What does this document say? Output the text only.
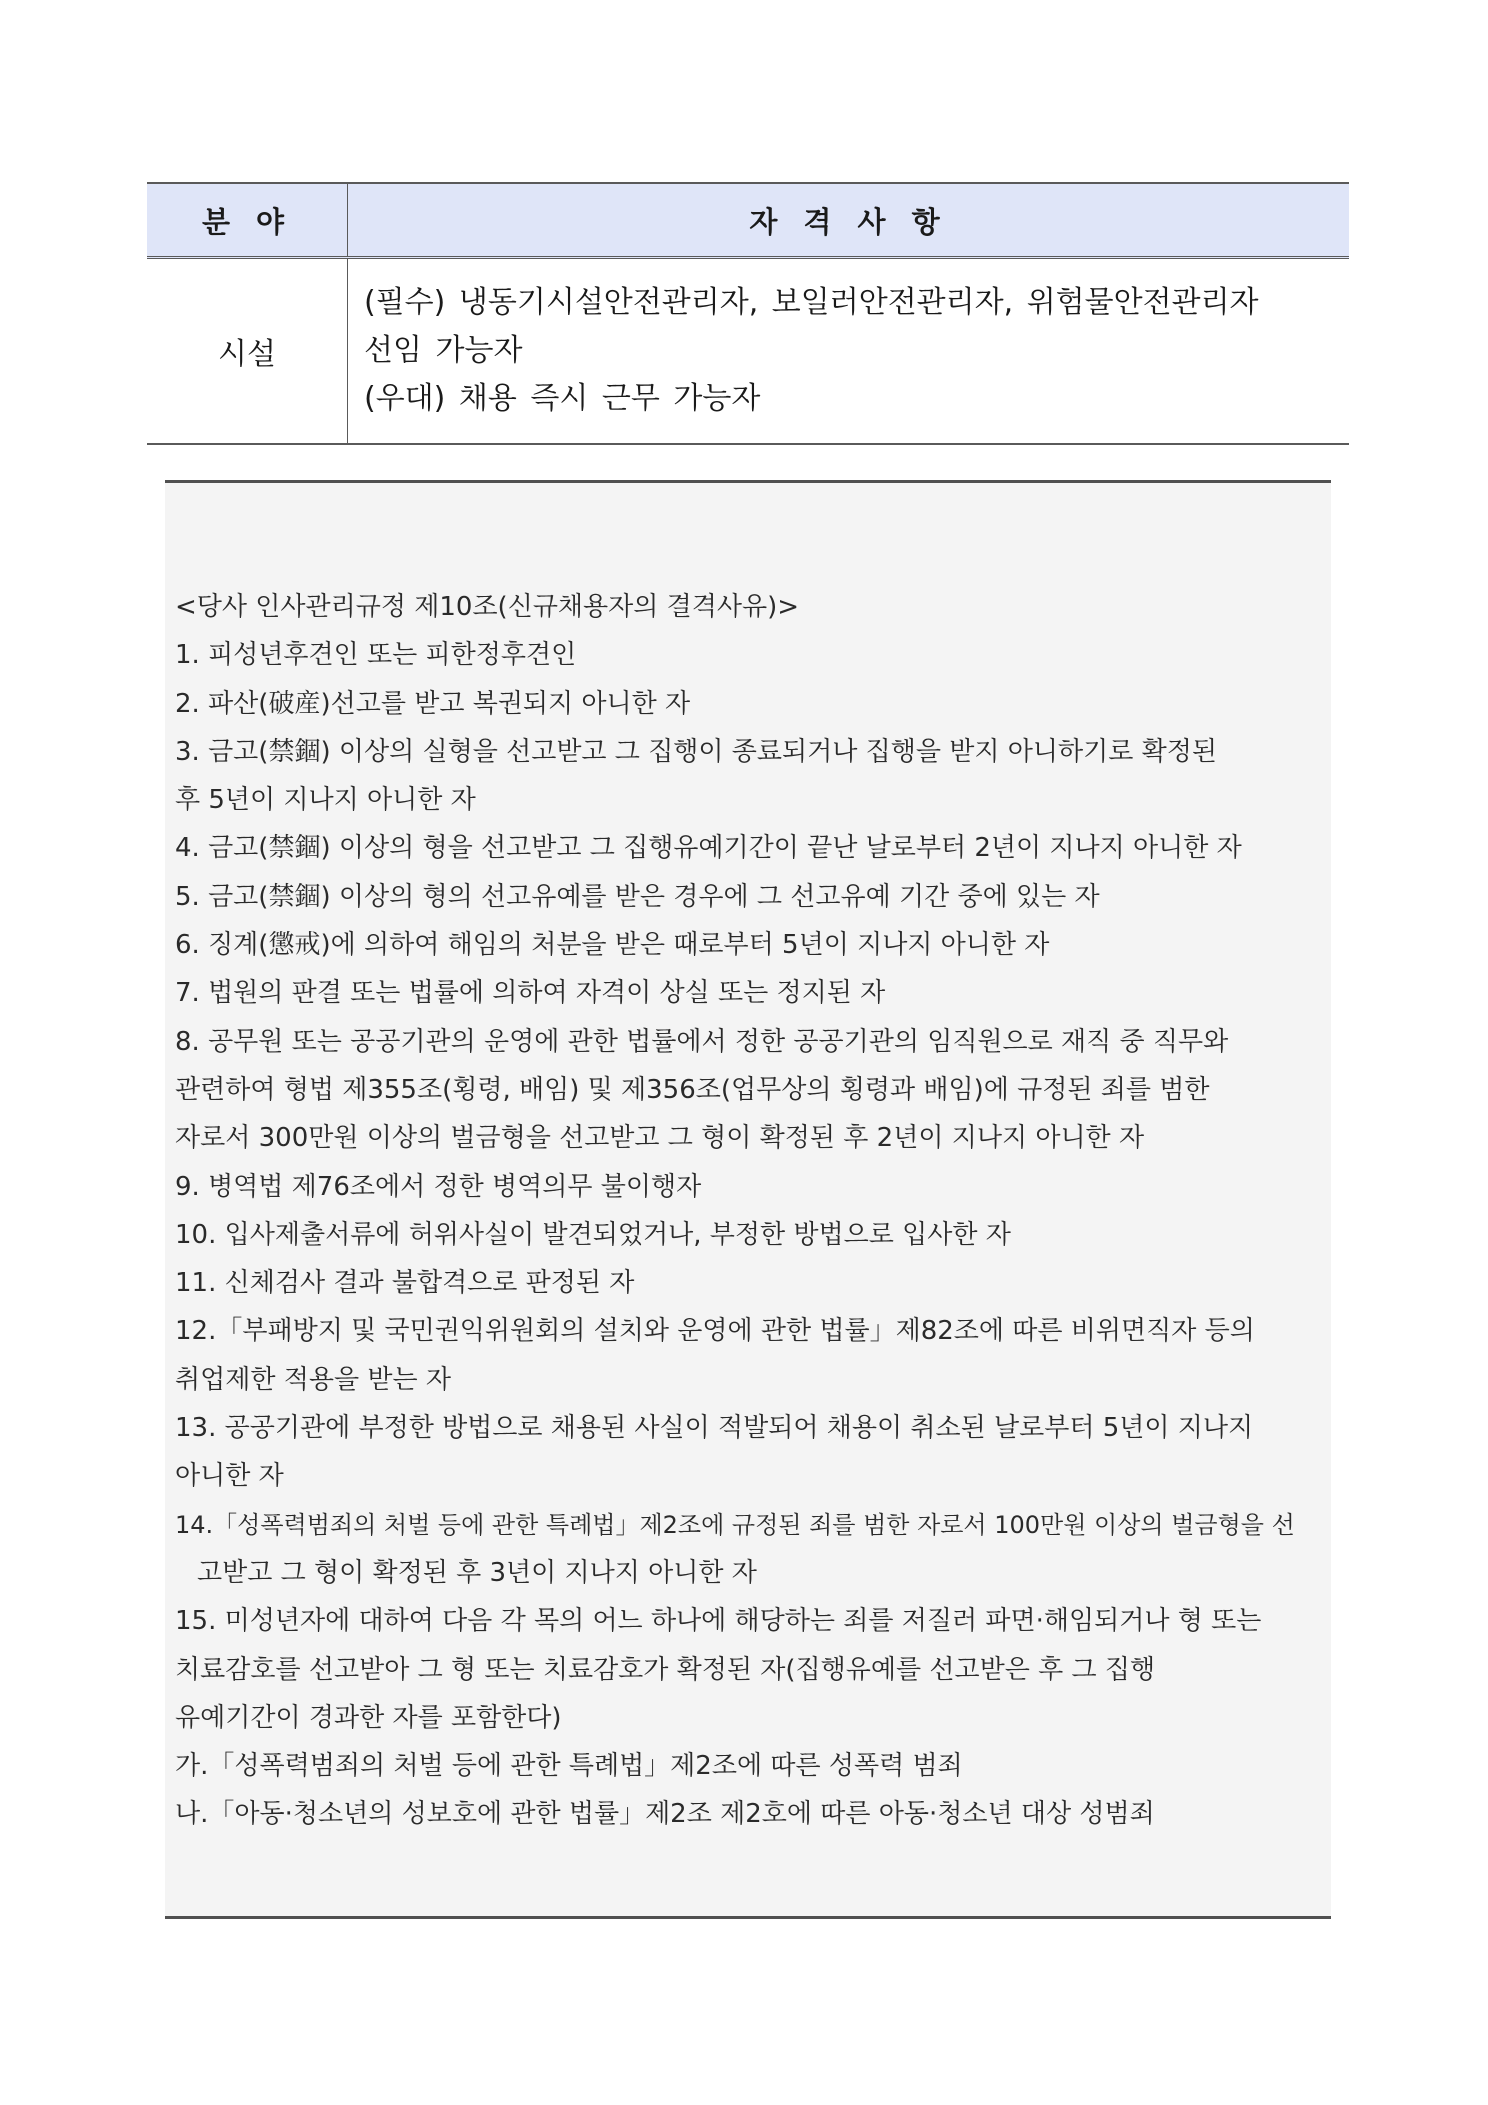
분 야	자 격 사 항
시설	(필수) 냉동기시설안전관리자, 보일러안전관리자, 위험물안전관리자
선임 가능자
(우대) 채용 즉시 근무 가능자
<당사 인사관리규정 제10조(신규채용자의 결격사유)>
1. 피성년후견인 또는 피한정후견인
2. 파산(破産)선고를 받고 복권되지 아니한 자
3. 금고(禁錮) 이상의 실형을 선고받고 그 집행이 종료되거나 집행을 받지 아니하기로 확정된
후 5년이 지나지 아니한 자
4. 금고(禁錮) 이상의 형을 선고받고 그 집행유예기간이 끝난 날로부터 2년이 지나지 아니한 자
5. 금고(禁錮) 이상의 형의 선고유예를 받은 경우에 그 선고유예 기간 중에 있는 자
6. 징계(懲戒)에 의하여 해임의 처분을 받은 때로부터 5년이 지나지 아니한 자
7. 법원의 판결 또는 법률에 의하여 자격이 상실 또는 정지된 자
8. 공무원 또는 공공기관의 운영에 관한 법률에서 정한 공공기관의 임직원으로 재직 중 직무와
관련하여 형법 제355조(횡령, 배임) 및 제356조(업무상의 횡령과 배임)에 규정된 죄를 범한
자로서 300만원 이상의 벌금형을 선고받고 그 형이 확정된 후 2년이 지나지 아니한 자
9. 병역법 제76조에서 정한 병역의무 불이행자
10. 입사제출서류에 허위사실이 발견되었거나, 부정한 방법으로 입사한 자
11. 신체검사 결과 불합격으로 판정된 자
12.「부패방지 및 국민권익위원회의 설치와 운영에 관한 법률」제82조에 따른 비위면직자 등의
취업제한 적용을 받는 자
13. 공공기관에 부정한 방법으로 채용된 사실이 적발되어 채용이 취소된 날로부터 5년이 지나지
아니한 자
14.「성폭력범죄의 처벌 등에 관한 특례법」제2조에 규정된 죄를 범한 자로서 100만원 이상의 벌금형을 선
고받고 그 형이 확정된 후 3년이 지나지 아니한 자
15. 미성년자에 대하여 다음 각 목의 어느 하나에 해당하는 죄를 저질러 파면·해임되거나 형 또는
치료감호를 선고받아 그 형 또는 치료감호가 확정된 자(집행유예를 선고받은 후 그 집행
유예기간이 경과한 자를 포함한다)
가.「성폭력범죄의 처벌 등에 관한 특례법」제2조에 따른 성폭력 범죄
나.「아동·청소년의 성보호에 관한 법률」제2조 제2호에 따른 아동·청소년 대상 성범죄
